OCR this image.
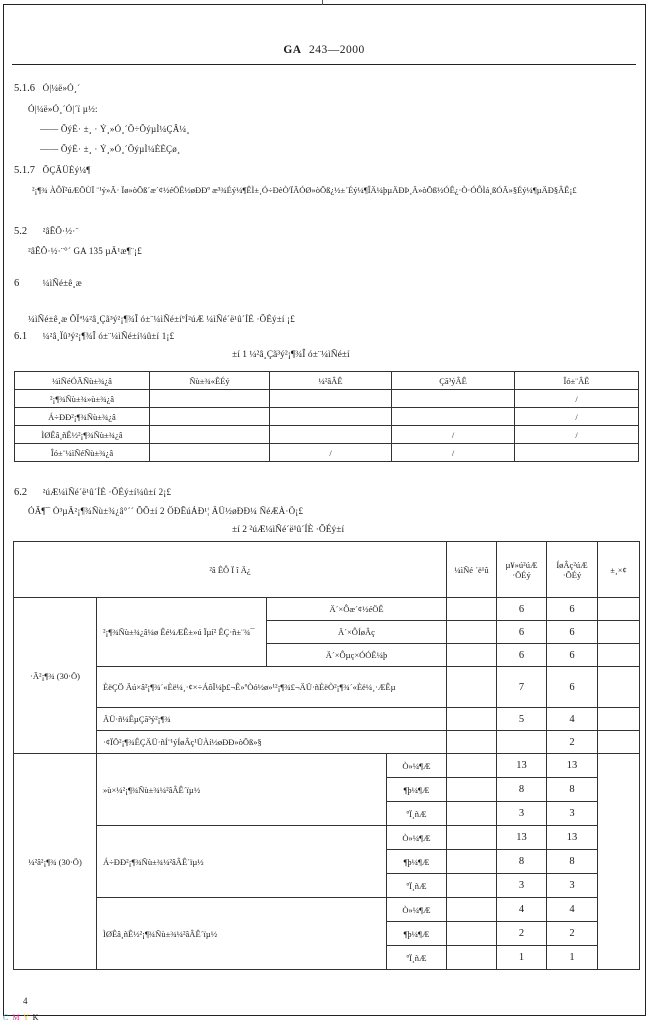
GA 243—2000
5.1.6 Ó|¼ë»Ó¸´
Ó|¼ë»Ó¸´Ó|´ï µ½:
—— ÕýÈ· ±¸ · Ý¸»Ó¸´Õ÷ÕýµÌ¼ÇÂ¼¸
—— ÕýÈ· ±¸ · Ý¸»Ó¸´ÕýµÌ¼ÈÈÇø¸
5.1.7 ÕÇÂÜÉý¼¶
²¡¶¾ ÀÔÏ²úÆÕÙÏ ¨¹ý»Ã· Ïø»òÕß´æ´¢½éÖÊ½øÐÐº æ³¾Éý¼¶ÊÌ±¸Ó÷ÐèÒ'ÏÃÓØ»òÕß¿½±´Éý¼¶ÎÄ¼þµÄÐÞ¸Ä»òÕß½ÓÊ¿·Ò·ÓÔÌá¸ßÓÃ»§Éý¼¶µÄÐ§ÂÊ¡£
5.2 ²âÊÔ·½·¨
²âÊÔ·½·¨°´ GA 135 µÄ¹æ¶¨¡£
6	¼ìÑé±ê¸æ
¼ìÑé±ê¸æ ÔÏª¼²â¸Çã³ý²¡¶¾Î ó±¨¼ìÑé±íºÍ²úÆ ¼ìÑé´ë¹û´ÍÈ ·ÕÉý±í ¡£
6.1 ¼²â¸Ïû³ý²¡¶¾Î ó±¨¼ìÑé±í¼û±í 1¡£
±í 1 ¼²â¸Çã³ý²¡¶¾Î ó±¨¼ìÑé±í
¼ìÑéÓÃÑù±¾¿â	Ñù±¾«ÊÉý	¼²âÂÊ	Çã³ýÂÊ	Îó±¨ÂÊ
²¡¶¾Ñù±¾»ù±¾¿â				/
Á÷ÐÐ²¡¶¾Ñù±¾¿â				/
ÌØÊâ¸ñÊ½²¡¶¾Ñù±¾¿â			/	/
Îó±¨¼ìÑéÑù±¾¿â		/	/	
6.2 ²úÆ¼ìÑé´ë¹û´ÍÈ ·ÕÉý±í¼û±í 2¡£
ÓÃ¶¯ Ò³µÄ²¡¶¾Ñù±¾¿â°´´ ÕÕ±í 2 ÖÐÊúÁÐ¹¦ ÄÜ½øÐÐ¼ ÑéÆÀ·Ö¡£
±í 2 ²úÆ¼ìÑé´ë¹û´ÍÈ ·ÕÉý±í
²â ÊÔ Ï î Ä¿				¼ìÑé ´ë¹û	µ¥»ú²úÆ ·ÕÉý	ÍøÂç²úÆ ·ÕÉý	±¸×¢
·Ã²¡¶¾ (30·Ö)	²¡¶¾Ñù±¾¿â¼ø Êé¼ÆÊ±»ú Ïµí² ÊÇ·ñ±¨¾¯	Ä´×Ôæ´¢½éÖÊ			6	6	
		Ä´×ÔÍøÂç			6	6	
		Ä´×Ôµç×ÓÓÊ¼þ			6	6	
	ÈëÇÖ Äú×â²¡¶¾´«Èë¼¸·¢×÷ÁôÏ¼þ£¬Ê»ºÒó½ø»¹²¡¶¾£¬ÄÜ·ñÈëÒ²¡¶¾´«Èë¼¸·ÆÊµ				7	6	
	ÄÜ·ñ¼ÊµÇã³ý²¡¶¾				5	4	
	·¢ÏÖ²¡¶¾ÊÇÄÜ·ñÍ¨¹ýÍøÂç¹ÜÀí½øÐÐ»òÕß»§					2	
¼²â²¡¶¾ (30·Ö)	»ù×¼²¡¶¾Ñù±¾¼²âÂÊ´ïµ½		Ò»¼¶Æ		13	13	
			¶þ¼¶Æ		8	8	
			ºÏ¸ñÆ		3	3	
	Á÷ÐÐ²¡¶¾Ñù±¾¼²âÂÊ´ïµ½		Ò»¼¶Æ		13	13	
			¶þ¼¶Æ		8	8	
			ºÏ¸ñÆ		3	3	
	ÌØÊâ¸ñÊ½²¡¶¾Ñù±¾¼²âÂÊ´ïµ½		Ò»¼¶Æ		4	4	
			¶þ¼¶Æ		2	2	
			ºÏ¸ñÆ		1	1	
4
C M Y K
